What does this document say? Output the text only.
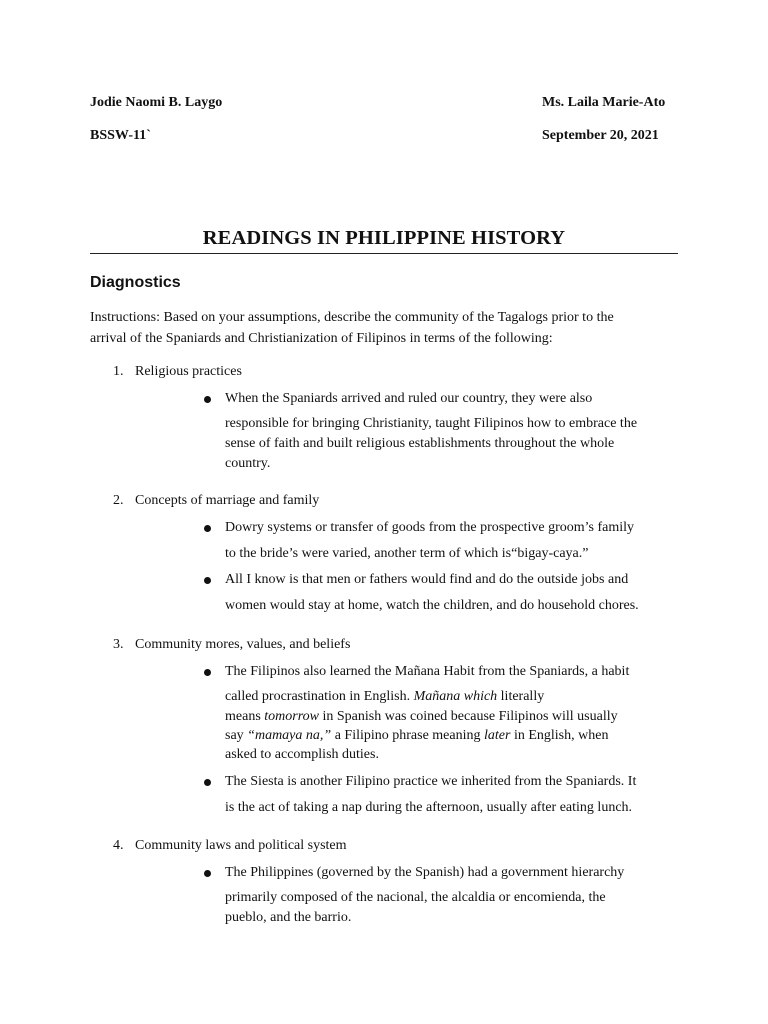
Jodie Naomi B. Laygo	Ms. Laila Marie-Ato
BSSW-11`	September 20, 2021
READINGS IN PHILIPPINE HISTORY
Diagnostics
Instructions: Based on your assumptions, describe the community of the Tagalogs prior to the
arrival of the Spaniards and Christianization of Filipinos in terms of the following:
1. Religious practices
When the Spaniards arrived and ruled our country, they were also
responsible for bringing Christianity, taught Filipinos how to embrace the
sense of faith and built religious establishments throughout the whole
country.
2. Concepts of marriage and family
Dowry systems or transfer of goods from the prospective groom’s family
to the bride’s were varied, another term of which is“bigay-caya.”
All I know is that men or fathers would find and do the outside jobs and
women would stay at home, watch the children, and do household chores.
3. Community mores, values, and beliefs
The Filipinos also learned the Mañana Habit from the Spaniards, a habit
called procrastination in English. Mañana which literally
means tomorrow in Spanish was coined because Filipinos will usually
say “mamaya na,” a Filipino phrase meaning later in English, when
asked to accomplish duties.
The Siesta is another Filipino practice we inherited from the Spaniards. It
is the act of taking a nap during the afternoon, usually after eating lunch.
4. Community laws and political system
The Philippines (governed by the Spanish) had a government hierarchy
primarily composed of the nacional, the alcaldia or encomienda, the
pueblo, and the barrio.
